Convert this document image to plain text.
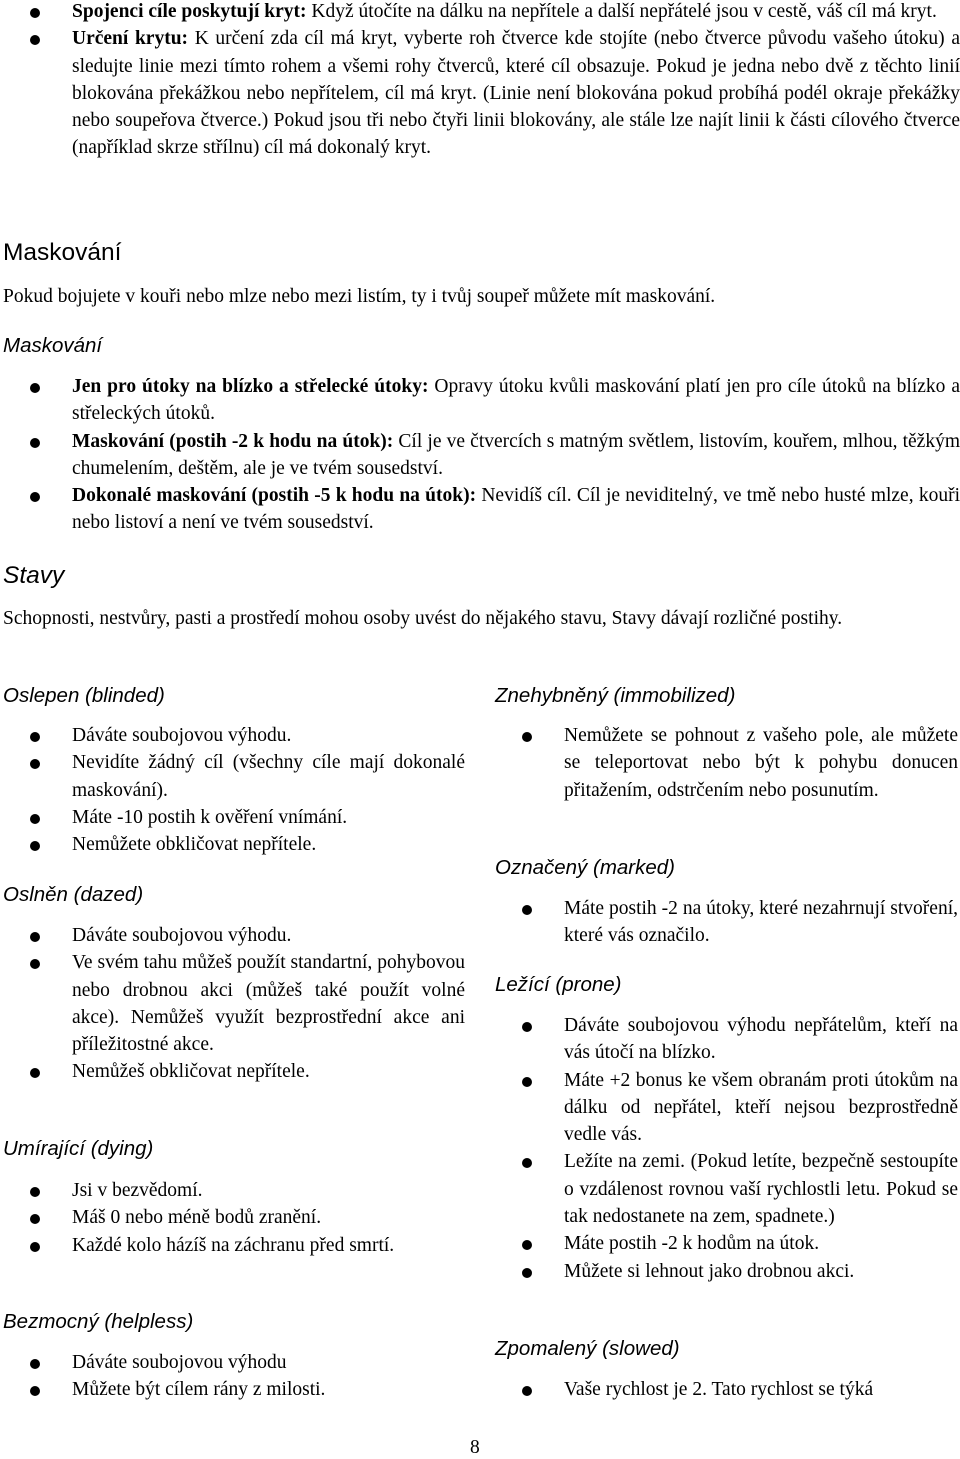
Spojenci cíle poskytují kryt: Když útočíte na dálku na nepřítele a další nepřátelé jsou v cestě, váš cíl má kryt.
Určení krytu: K určení zda cíl má kryt, vyberte roh čtverce kde stojíte (nebo čtverce původu vašeho útoku) a sledujte linie mezi tímto rohem a všemi rohy čtverců, které cíl obsazuje. Pokud je jedna nebo dvě z těchto linií blokována překážkou nebo nepřítelem, cíl má kryt. (Linie není blokována pokud probíhá podél okraje překážky nebo soupeřova čtverce.) Pokud jsou tři nebo čtyři linii blokovány, ale stále lze najít linii k části cílového čtverce (například skrze střílnu) cíl má dokonalý kryt.
Maskování

Pokud bojujete v kouři nebo mlze nebo mezi listím, ty i tvůj soupeř můžete mít maskování.

Maskování
Jen pro útoky na blízko a střelecké útoky: Opravy útoku kvůli maskování platí jen pro cíle útoků na blízko a střeleckých útoků.
Maskování (postih -2 k hodu na útok): Cíl je ve čtvercích s matným světlem, listovím, kouřem, mlhou, těžkým chumelením, deštěm, ale je ve tvém sousedství.
Dokonalé maskování (postih -5 k hodu na útok): Nevidíš cíl. Cíl je neviditelný, ve tmě nebo husté mlze, kouři nebo listoví a není ve tvém sousedství.
Stavy

Schopnosti, nestvůry, pasti a prostředí mohou osoby uvést do nějakého stavu, Stavy dávají rozličné postihy.

Oslepen (blinded)
Dáváte soubojovou výhodu.
Nevidíte žádný cíl (všechny cíle mají dokonalé maskování).
Máte -10 postih k ověření vnímání.
Nemůžete obkličovat nepřítele.
Oslněn (dazed)
Dáváte soubojovou výhodu.
Ve svém tahu můžeš použít standartní, pohybovou nebo drobnou akci (můžeš také použít volné akce). Nemůžeš využít bezprostřední akce ani příležitostné akce.
Nemůžeš obkličovat nepřítele.
Umírající (dying)
Jsi v bezvědomí.
Máš 0 nebo méně bodů zranění.
Každé kolo házíš na záchranu před smrtí.
Bezmocný (helpless)
Dáváte soubojovou výhodu
Můžete být cílem rány z milosti.
Znehybněný (immobilized)
Nemůžete se pohnout z vašeho pole, ale můžete se teleportovat nebo být k pohybu donucen přitažením, odstrčením nebo posunutím.
Označený (marked)
Máte postih -2 na útoky, které nezahrnují stvoření, které vás označilo.
Ležící (prone)
Dáváte soubojovou výhodu nepřátelům, kteří na vás útočí na blízko.
Máte +2 bonus ke všem obranám proti útokům na dálku od nepřátel, kteří nejsou bezprostředně vedle vás.
Ležíte na zemi. (Pokud letíte, bezpečně sestoupíte o vzdálenost rovnou vaší rychlostli letu. Pokud se tak nedostanete na zem, spadnete.)
Máte postih -2 k hodům na útok.
Můžete si lehnout jako drobnou akci.
Zpomalený (slowed)
Vaše rychlost je 2. Tato rychlost se týká
8
